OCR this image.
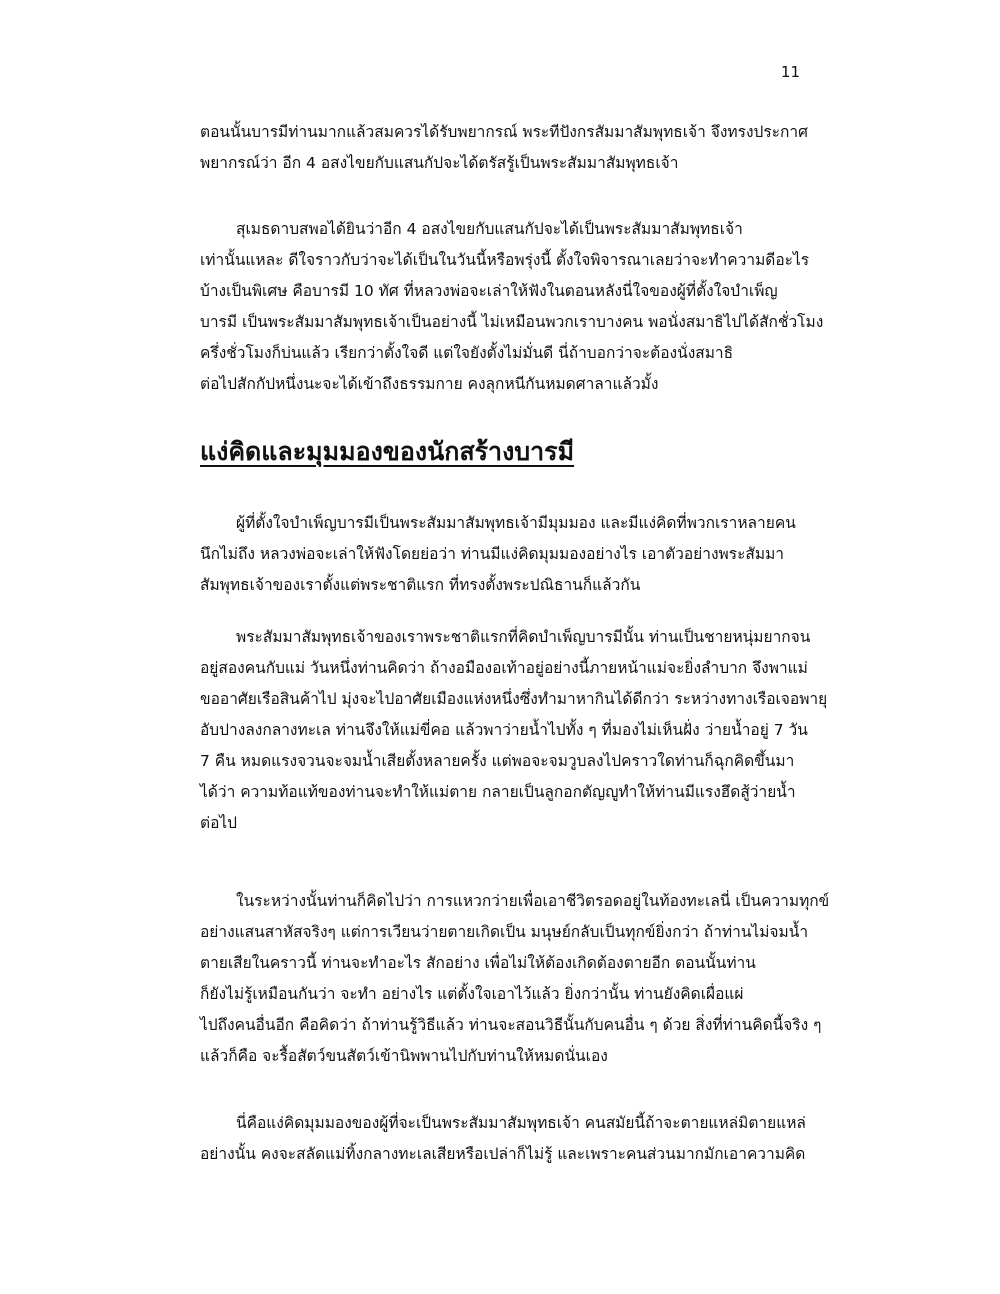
11
ตอนนั้นบารมีท่านมากแล้วสมควรได้รับพยากรณ์ พระทีปังกรสัมมาสัมพุทธเจ้า จึงทรงประกาศ
พยากรณ์ว่า อีก 4 อสงไขยกับแสนกัปจะได้ตรัสรู้เป็นพระสัมมาสัมพุทธเจ้า
สุเมธดาบสพอได้ยินว่าอีก 4 อสงไขยกับแสนกัปจะได้เป็นพระสัมมาสัมพุทธเจ้า
เท่านั้นแหละ ดีใจราวกับว่าจะได้เป็นในวันนี้หรือพรุ่งนี้ ตั้งใจพิจารณาเลยว่าจะทำความดีอะไร
บ้างเป็นพิเศษ คือบารมี 10 ทัศ ที่หลวงพ่อจะเล่าให้ฟังในตอนหลังนี่ใจของผู้ที่ตั้งใจบำเพ็ญ
บารมี เป็นพระสัมมาสัมพุทธเจ้าเป็นอย่างนี้ ไม่เหมือนพวกเราบางคน พอนั่งสมาธิไปได้สักชั่วโมง
ครึ่งชั่วโมงก็บ่นแล้ว เรียกว่าตั้งใจดี แต่ใจยังตั้งไม่มั่นดี นี่ถ้าบอกว่าจะต้องนั่งสมาธิ
ต่อไปสักกัปหนึ่งนะจะได้เข้าถึงธรรมกาย คงลุกหนีกันหมดศาลาแล้วมั้ง
แง่คิดและมุมมองของนักสร้างบารมี
ผู้ที่ตั้งใจบำเพ็ญบารมีเป็นพระสัมมาสัมพุทธเจ้ามีมุมมอง และมีแง่คิดที่พวกเราหลายคน
นึกไม่ถึง หลวงพ่อจะเล่าให้ฟังโดยย่อว่า ท่านมีแง่คิดมุมมองอย่างไร เอาตัวอย่างพระสัมมา
สัมพุทธเจ้าของเราตั้งแต่พระชาติแรก ที่ทรงตั้งพระปณิธานก็แล้วกัน
พระสัมมาสัมพุทธเจ้าของเราพระชาติแรกที่คิดบำเพ็ญบารมีนั้น ท่านเป็นชายหนุ่มยากจน
อยู่สองคนกับแม่ วันหนึ่งท่านคิดว่า ถ้างอมืองอเท้าอยู่อย่างนี้ภายหน้าแม่จะยิ่งลำบาก จึงพาแม่
ขออาศัยเรือสินค้าไป มุ่งจะไปอาศัยเมืองแห่งหนึ่งซึ่งทำมาหากินได้ดีกว่า ระหว่างทางเรือเจอพายุ
อับปางลงกลางทะเล ท่านจึงให้แม่ขี่คอ แล้วพาว่ายน้ำไปทั้ง ๆ ที่มองไม่เห็นฝั่ง ว่ายน้ำอยู่ 7 วัน
7 คืน หมดแรงจวนจะจมน้ำเสียตั้งหลายครั้ง แต่พอจะจมวูบลงไปคราวใดท่านก็ฉุกคิดขึ้นมา
ได้ว่า ความท้อแท้ของท่านจะทำให้แม่ตาย กลายเป็นลูกอกตัญญูทำให้ท่านมีแรงฮึดสู้ว่ายน้ำ
ต่อไป
ในระหว่างนั้นท่านก็คิดไปว่า การแหวกว่ายเพื่อเอาชีวิตรอดอยู่ในท้องทะเลนี่ เป็นความทุกข์
อย่างแสนสาหัสจริงๆ แต่การเวียนว่ายตายเกิดเป็น มนุษย์กลับเป็นทุกข์ยิ่งกว่า ถ้าท่านไม่จมน้ำ
ตายเสียในคราวนี้ ท่านจะทำอะไร สักอย่าง เพื่อไม่ให้ต้องเกิดต้องตายอีก ตอนนั้นท่าน
ก็ยังไม่รู้เหมือนกันว่า จะทำ อย่างไร แต่ตั้งใจเอาไว้แล้ว ยิ่งกว่านั้น ท่านยังคิดเผื่อแผ่
ไปถึงคนอื่นอีก คือคิดว่า ถ้าท่านรู้วิธีแล้ว ท่านจะสอนวิธีนั้นกับคนอื่น ๆ ด้วย สิ่งที่ท่านคิดนี้จริง ๆ
แล้วก็คือ จะรื้อสัตว์ขนสัตว์เข้านิพพานไปกับท่านให้หมดนั่นเอง
นี่คือแง่คิดมุมมองของผู้ที่จะเป็นพระสัมมาสัมพุทธเจ้า คนสมัยนี้ถ้าจะตายแหล่มิตายแหล่
อย่างนั้น คงจะสลัดแม่ทิ้งกลางทะเลเสียหรือเปล่าก็ไม่รู้ และเพราะคนส่วนมากมักเอาความคิด
